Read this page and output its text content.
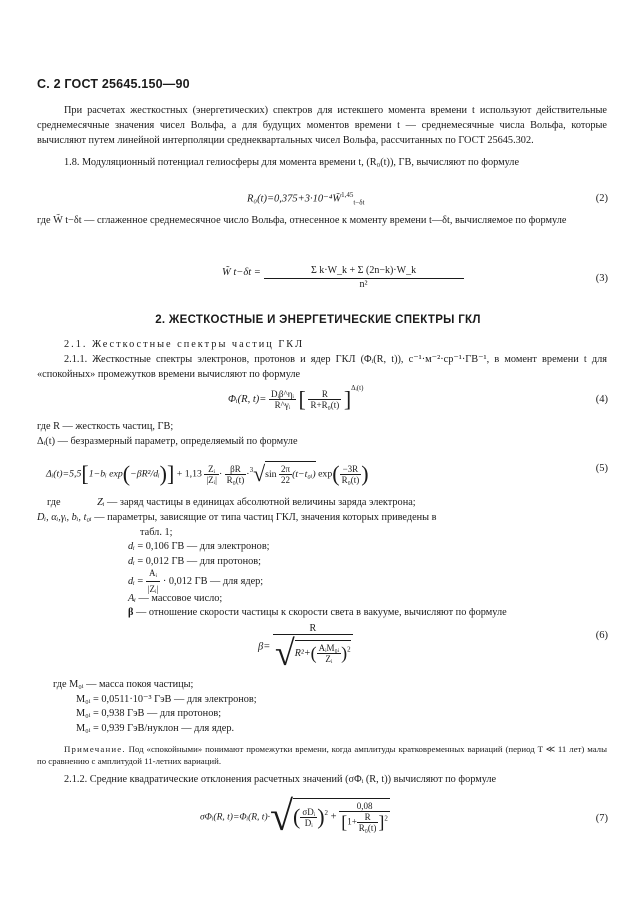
С. 2 ГОСТ 25645.150—90
При расчетах жесткостных (энергетических) спектров для истекшего момента времени t используют действительные среднемесячные значения чисел Вольфа, а для будущих моментов времени t — среднемесячные числа Вольфа, которые вычисляют путем линейной интерполяции среднеквартальных чисел Вольфа, рассчитанных по ГОСТ 25645.302.
1.8. Модуляционный потенциал гелиосферы для момента времени t, (R₀(t)), ГВ, вычисляют по формуле
R₀(t)=0,375+3·10⁻⁴W̃$^{1,45}_{t-\delta t}$	(2)
где W̃ t−δt — сглаженное среднемесячное число Вольфа, отнесенное к моменту времени t—δt, вычисляемое по формуле
W̃ $t-\delta t = \frac{\text{Σ k·W\_k + Σ (2n−k)·W\_k}}{\text{n²}}$	(3)
2. ЖЕСТКОСТНЫЕ И ЭНЕРГЕТИЧЕСКИЕ СПЕКТРЫ ГКЛ
2.1. Жесткостные спектры частиц ГКЛ
2.1.1. Жесткостные спектры электронов, протонов и ядер ГКЛ (Φᵢ(R, t)), с⁻¹·м⁻²·ср⁻¹·ГВ⁻¹, в момент времени t для «спокойных» промежутков времени вычисляют по формуле
Φᵢ(R, $t)= \frac{\text{Dᵢβ\textasciicircum{}ηᵢ}}{\text{R\textasciicircum{}γᵢ}}$ [ $\frac{R}{\text{R+R₀(t)}} ]^{\Delta ᵢ(t)}$
(4)
где R — жесткость частиц, ГВ;
Δᵢ(t) — безразмерный параметр, определяемый по формуле
Δᵢ(t)=5,5[1−bᵢ exp(−βR²/dᵢ)] + $1,13 \frac{\text{Zᵢ}}{\text{|Zᵢ|}} \cdot \frac{\beta R}{\text{R₀(t)}} \cdot^3√\sin \frac{2\pi}{22}$ (t−t₀ᵢ) $\exp( \frac{-3R}{\text{R₀(t)}}$ )	(5)
где	Zᵢ — заряд частицы в единицах абсолютной величины заряда электрона;
Dᵢ, αᵢ,γᵢ, bᵢ, t₀ᵢ — параметры, зависящие от типа частиц ГКЛ, значения которых приведены в
табл. 1;
dᵢ = 0,106 ГВ — для электронов;
dᵢ = 0,012 ГВ — для протонов;
dᵢ = $\frac{\text{Aᵢ}}{\text{|Zᵢ|}} \cdot 0,012$ ГВ — для ядер;
Aᵢ — массовое число;
β — отношение скорости частицы к скорости света в вакууме, вычисляют по формуле
$\beta= \frac{R}{√R^2+( \frac{\text{AᵢM₀ᵢ}}{\text{Zᵢ}} )^2}$	(6)
где M₀ᵢ — масса покоя частицы;
M₀ᵢ = 0,0511·10⁻³ ГэВ — для электронов;
M₀ᵢ = 0,938 ГэВ — для протонов;
M₀ᵢ = 0,939 ГэВ/нуклон — для ядер.
Примечание. Под «спокойными» понимают промежутки времени, когда амплитуды кратковременных вариаций (период T ≪ 11 лет) малы по сравнению с амплитудой 11-летних вариаций.
2.1.2. Средние квадратические отклонения расчетных значений (σΦᵢ (R, t)) вычисляют по формуле
σΦᵢ(R, t)=Φᵢ(R, $t)\cdot√( \frac{\text{σDᵢ}}{\text{Dᵢ}} )^2 + \frac{0,08}{[1+ \frac{R}{\text{R₀(t)}} ]^2}$	(7)
